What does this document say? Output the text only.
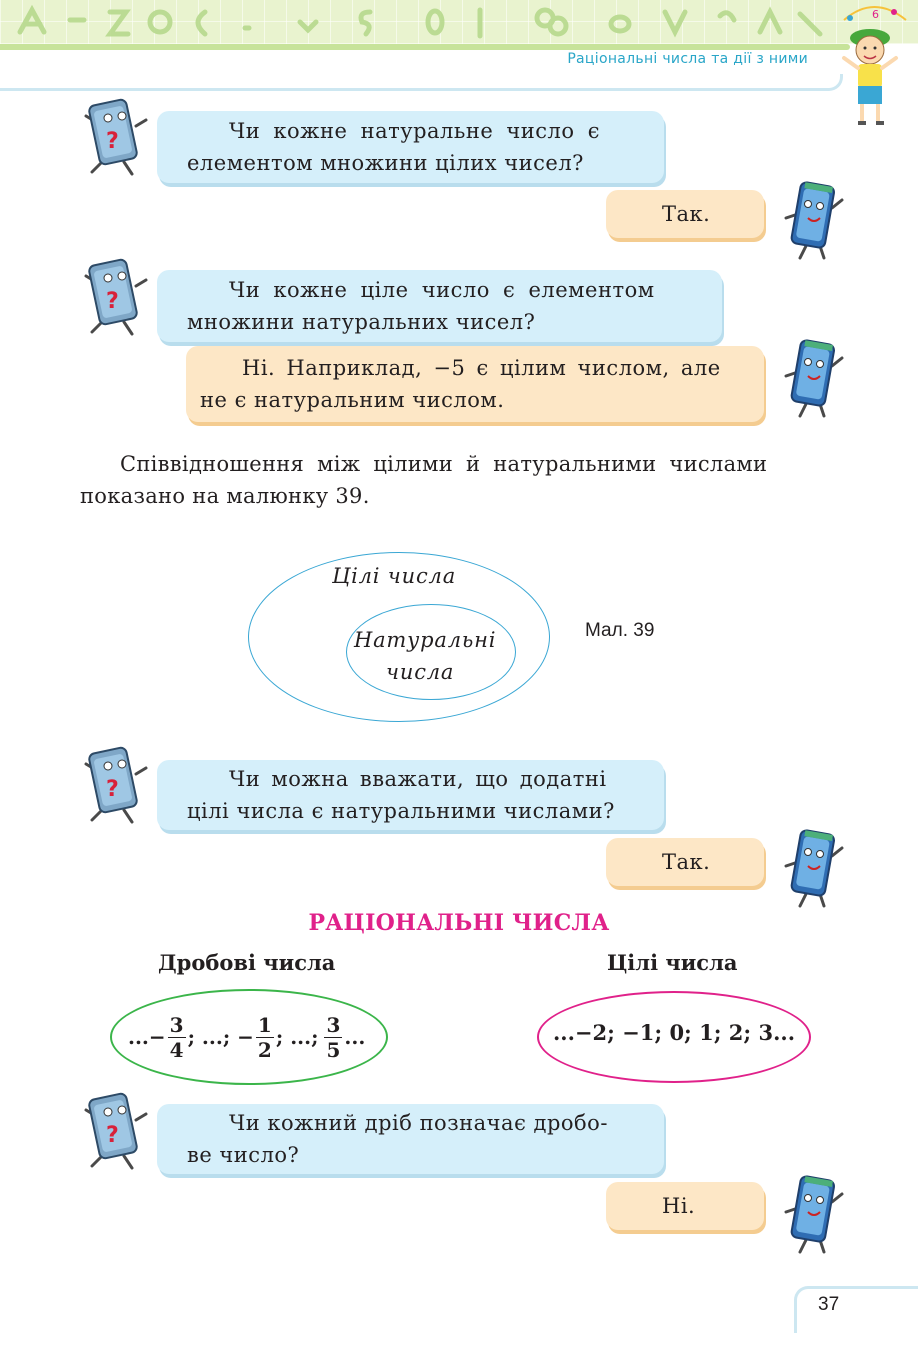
Раціональні числа та дії з ними
6
?	Чи кожне натуральне число є
елементом множини цілих чисел?
Так.
?	Чи кожне ціле число є елементом
множини натуральних чисел?
Ні. Наприклад, −5 є цілим числом, але
не є натуральним числом.
Співвідношення між цілими й натуральними числами
показано на малюнку 39.
Цілі числа
Натуральні
числа
Мал. 39
?	Чи можна вважати, що додатні
цілі числа є натуральними числами?
Так.
РАЦІОНАЛЬНІ ЧИСЛА
Дробові числа	Цілі числа
...− $\frac{3}{4}$ ; ...; − $\frac{1}{2}$ ; ...; $\frac{3}{5}$ ...	...−2; −1; 0; 1; 2; 3...
?	Чи кожний дріб позначає дробо-
ве число?
Ні.
37
